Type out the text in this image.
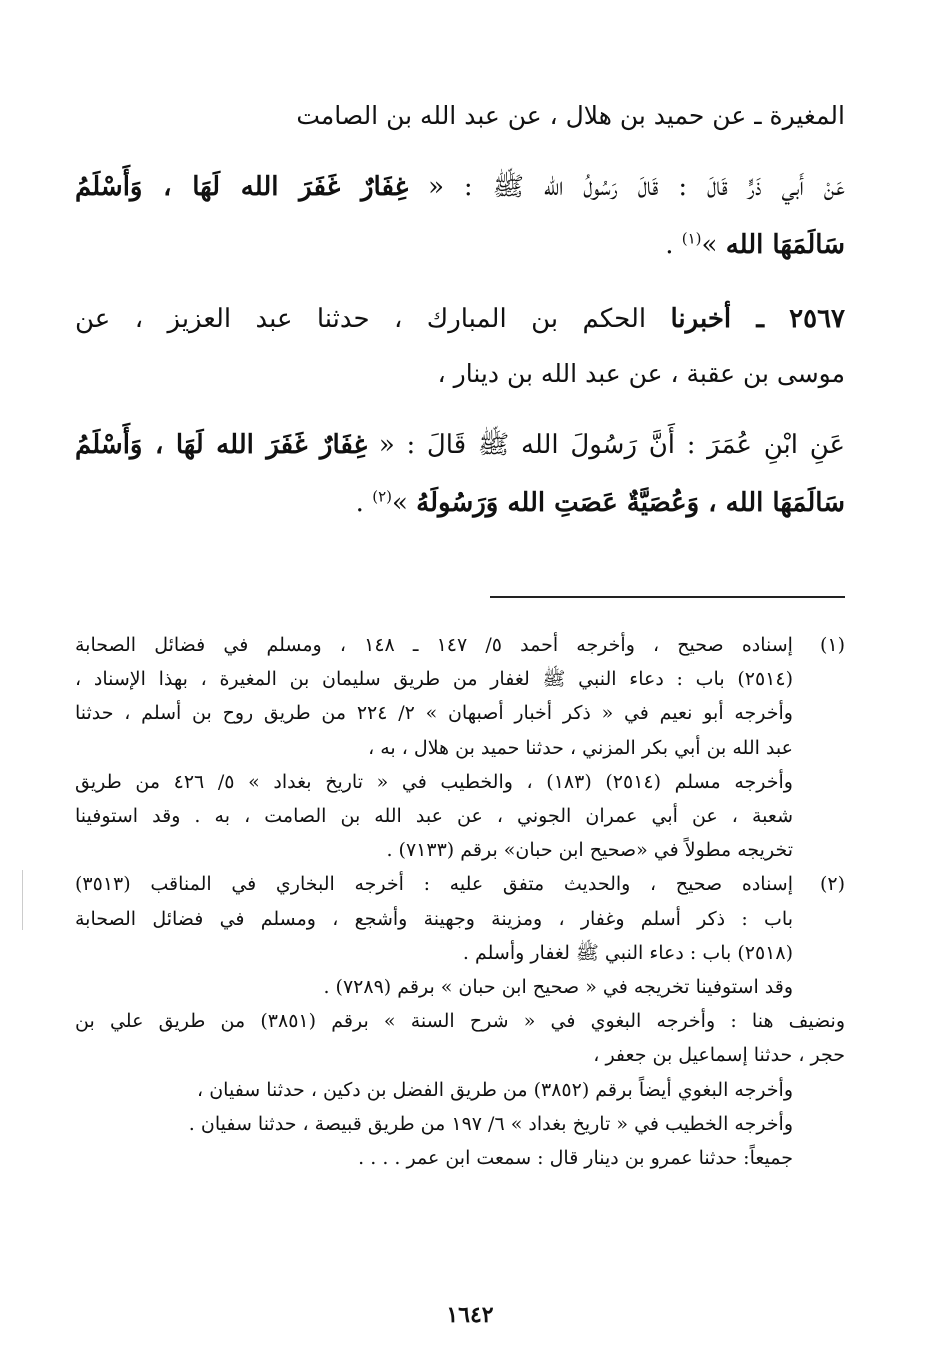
المغيرة ـ عن حميد بن هلال ، عن عبد الله بن الصامت
عَنْ أَبي ذَرٍّ قَالَ : قَالَ رَسُولُ الله ﷺ : « غِفَارٌ غَفَرَ الله لَهَا ، وَأَسْلَمُ
سَالَمَهَا الله »$^{(١)}$ .
٢٥٦٧ ـ أخبرنا الحكم بن المبارك ، حدثنا عبد العزيز ، عن
موسى بن عقبة ، عن عبد الله بن دينار ،
عَنِ ابْنِ عُمَرَ : أَنَّ رَسُولَ الله ﷺ قَالَ : « غِفَارٌ غَفَرَ الله لَهَا ، وَأَسْلَمُ
سَالَمَهَا الله ، وَعُصَيَّةٌ عَصَتِ الله وَرَسُولَهُ »$^{(٢)}$ .
(١)
إسناده صحيح ، وأخرجه أحمد ٥/ ١٤٧ ـ ١٤٨ ، ومسلم في فضائل الصحابة
(٢٥١٤) باب : دعاء النبي ﷺ لغفار من طريق سليمان بن المغيرة ، بهذا الإسناد ،
وأخرجه أبو نعيم في « ذكر أخبار أصبهان » ٢/ ٢٢٤ من طريق روح بن أسلم ، حدثنا
عبد الله بن أبي بكر المزني ، حدثنا حميد بن هلال ، به ،
وأخرجه مسلم (٢٥١٤) (١٨٣) ، والخطيب في « تاريخ بغداد » ٥/ ٤٢٦ من طريق
شعبة ، عن أبي عمران الجوني ، عن عبد الله بن الصامت ، به . وقد استوفينا
تخريجه مطولاً في «صحيح ابن حبان» برقم (٧١٣٣) .
(٢)
إسناده صحيح ، والحديث متفق عليه : أخرجه البخاري في المناقب (٣٥١٣)
باب : ذكر أسلم وغفار ، ومزينة وجهينة وأشجع ، ومسلم في فضائل الصحابة
(٢٥١٨) باب : دعاء النبي ﷺ لغفار وأسلم .
وقد استوفينا تخريجه في « صحيح ابن حبان » برقم (٧٢٨٩) .
ونضيف هنا : وأخرجه البغوي في « شرح السنة » برقم (٣٨٥١) من طريق علي بن
حجر ، حدثنا إسماعيل بن جعفر ،
وأخرجه البغوي أيضاً برقم (٣٨٥٢) من طريق الفضل بن دكين ، حدثنا سفيان ،
وأخرجه الخطيب في « تاريخ بغداد » ٦/ ١٩٧ من طريق قبيصة ، حدثنا سفيان .
جميعاً: حدثنا عمرو بن دينار قال : سمعت ابن عمر . . . .
١٦٤٢
